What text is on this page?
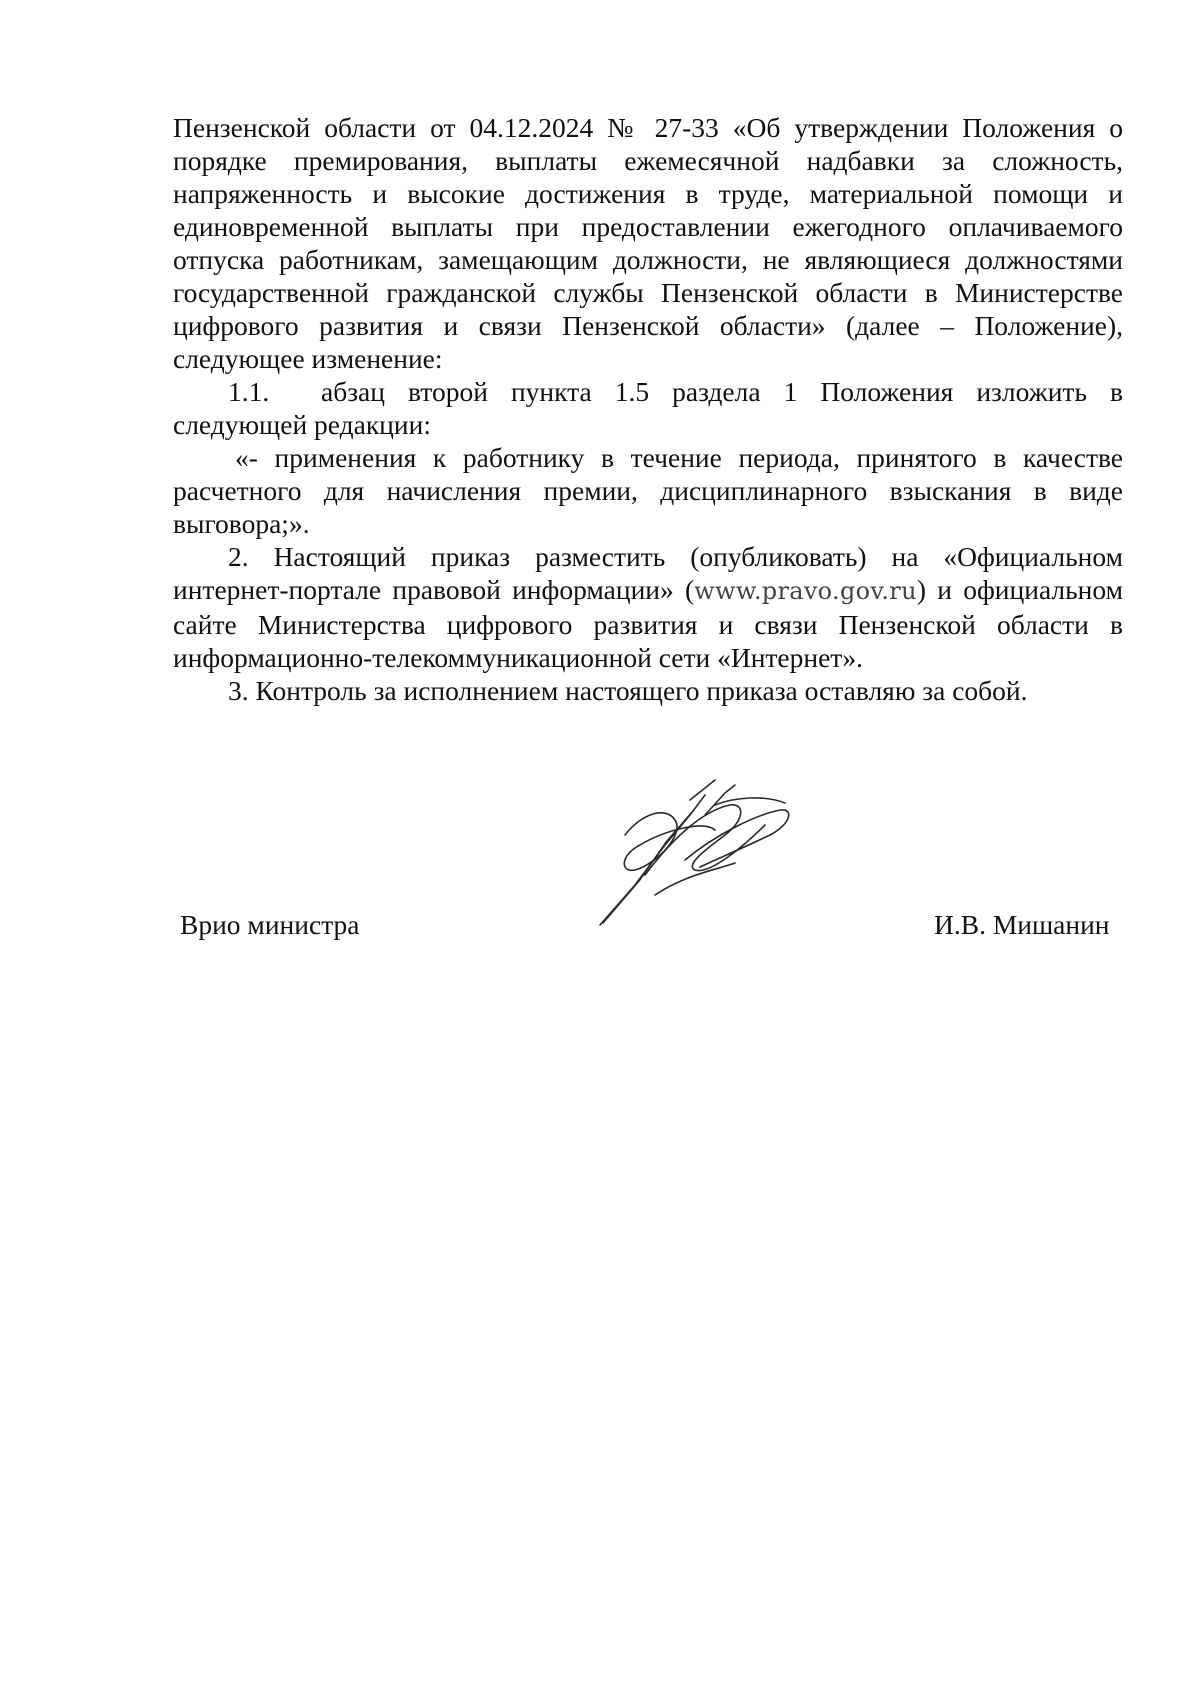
Пензенской области от 04.12.2024 № 27-33 «Об утверждении Положения о порядке премирования, выплаты ежемесячной надбавки за сложность, напряженность и высокие достижения в труде, материальной помощи и единовременной выплаты при предоставлении ежегодного оплачиваемого отпуска работникам, замещающим должности, не являющиеся должностями государственной гражданской службы Пензенской области в Министерстве цифрового развития и связи Пензенской области» (далее – Положение), следующее изменение:

1.1. абзац второй пункта 1.5 раздела 1 Положения изложить в следующей редакции:

«- применения к работнику в течение периода, принятого в качестве расчетного для начисления премии, дисциплинарного взыскания в виде выговора;».

2. Настоящий приказ разместить (опубликовать) на «Официальном интернет-портале правовой информации» (www.pravo.gov.ru) и официальном сайте Министерства цифрового развития и связи Пензенской области в информационно-телекоммуникационной сети «Интернет».

3. Контроль за исполнением настоящего приказа оставляю за собой.

Врио министра	И.В. Мишанин
